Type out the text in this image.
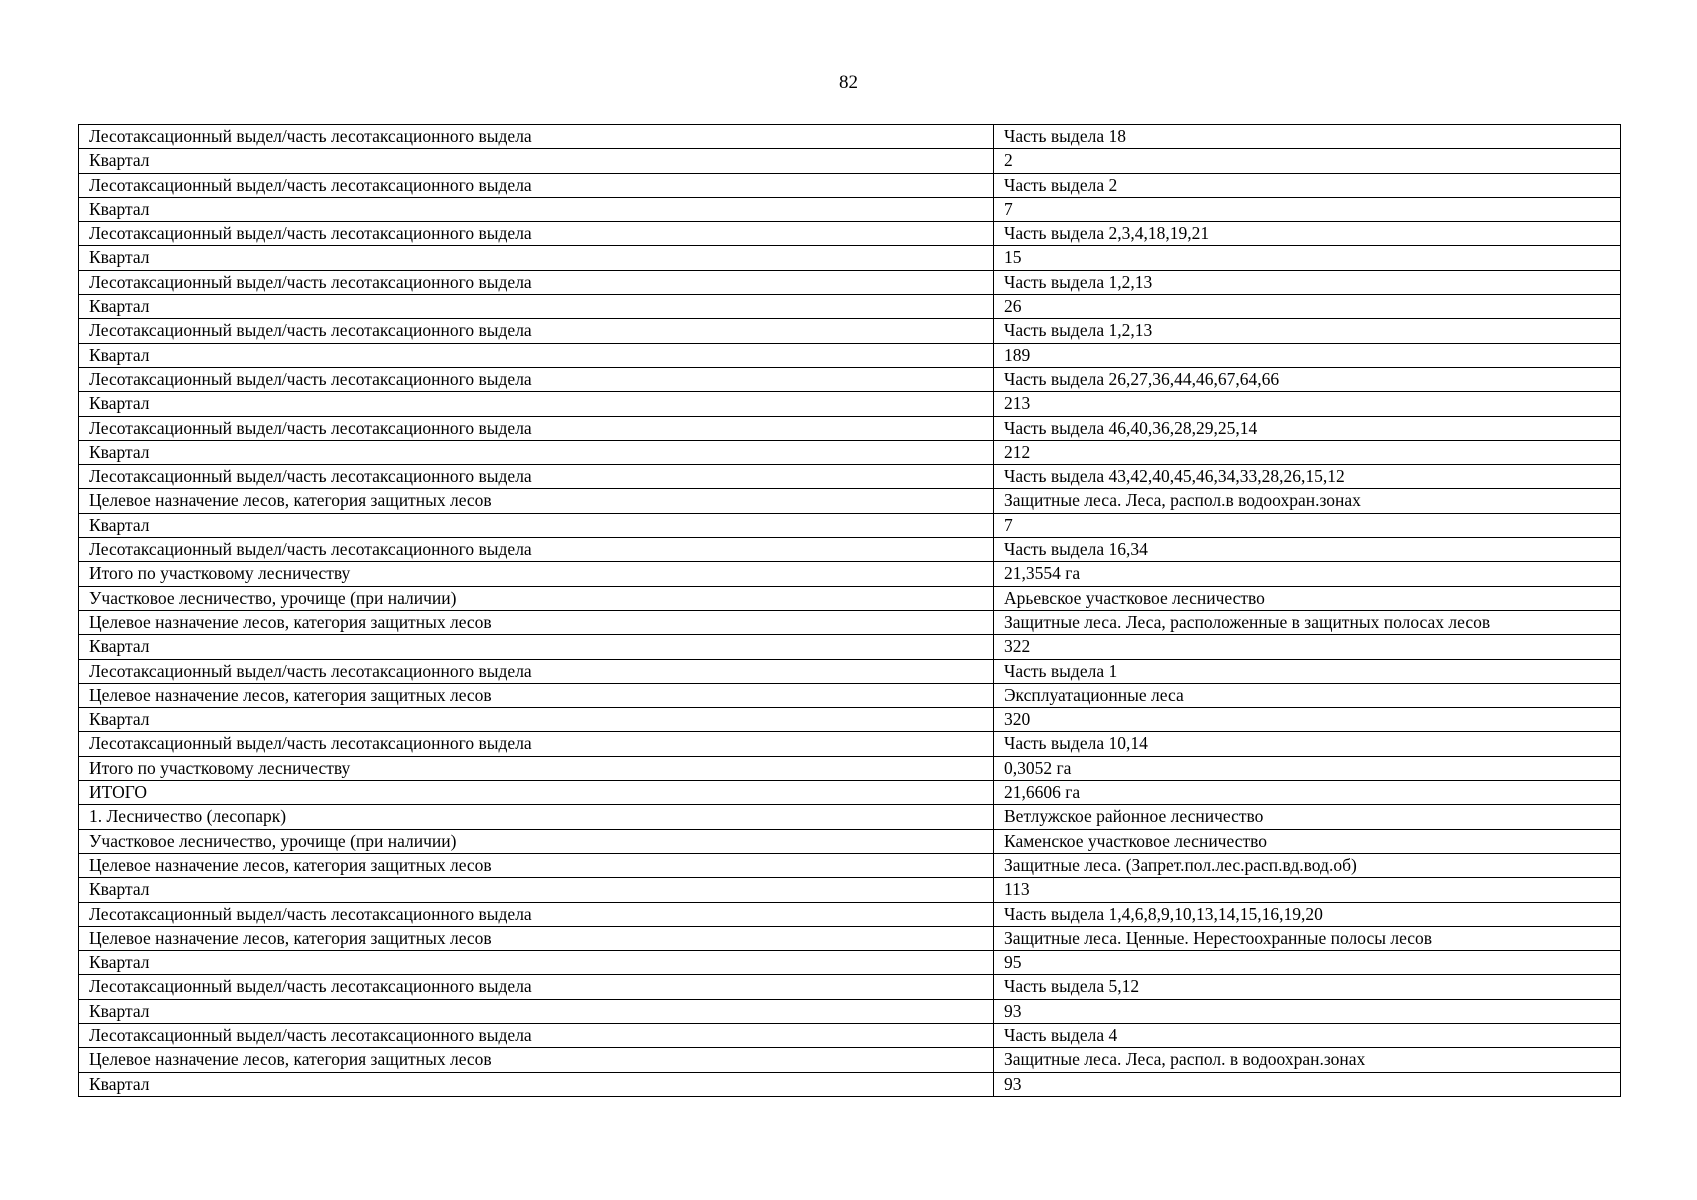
82
Лесотаксационный выдел/часть лесотаксационного выдела	Часть выдела 18
Квартал	2
Лесотаксационный выдел/часть лесотаксационного выдела	Часть выдела 2
Квартал	7
Лесотаксационный выдел/часть лесотаксационного выдела	Часть выдела 2,3,4,18,19,21
Квартал	15
Лесотаксационный выдел/часть лесотаксационного выдела	Часть выдела 1,2,13
Квартал	26
Лесотаксационный выдел/часть лесотаксационного выдела	Часть выдела 1,2,13
Квартал	189
Лесотаксационный выдел/часть лесотаксационного выдела	Часть выдела 26,27,36,44,46,67,64,66
Квартал	213
Лесотаксационный выдел/часть лесотаксационного выдела	Часть выдела 46,40,36,28,29,25,14
Квартал	212
Лесотаксационный выдел/часть лесотаксационного выдела	Часть выдела 43,42,40,45,46,34,33,28,26,15,12
Целевое назначение лесов, категория защитных лесов	Защитные леса. Леса, распол.в водоохран.зонах
Квартал	7
Лесотаксационный выдел/часть лесотаксационного выдела	Часть выдела 16,34
Итого по участковому лесничеству	21,3554 га
Участковое лесничество, урочище (при наличии)	Арьевское участковое лесничество
Целевое назначение лесов, категория защитных лесов	Защитные леса. Леса, расположенные в защитных полосах лесов
Квартал	322
Лесотаксационный выдел/часть лесотаксационного выдела	Часть выдела 1
Целевое назначение лесов, категория защитных лесов	Эксплуатационные леса
Квартал	320
Лесотаксационный выдел/часть лесотаксационного выдела	Часть выдела 10,14
Итого по участковому лесничеству	0,3052 га
ИТОГО	21,6606 га
1. Лесничество (лесопарк)	Ветлужское районное лесничество
Участковое лесничество, урочище (при наличии)	Каменское участковое лесничество
Целевое назначение лесов, категория защитных лесов	Защитные леса. (Запрет.пол.лес.расп.вд.вод.об)
Квартал	113
Лесотаксационный выдел/часть лесотаксационного выдела	Часть выдела 1,4,6,8,9,10,13,14,15,16,19,20
Целевое назначение лесов, категория защитных лесов	Защитные леса. Ценные. Нерестоохранные полосы лесов
Квартал	95
Лесотаксационный выдел/часть лесотаксационного выдела	Часть выдела 5,12
Квартал	93
Лесотаксационный выдел/часть лесотаксационного выдела	Часть выдела 4
Целевое назначение лесов, категория защитных лесов	Защитные леса. Леса, распол. в водоохран.зонах
Квартал	93
